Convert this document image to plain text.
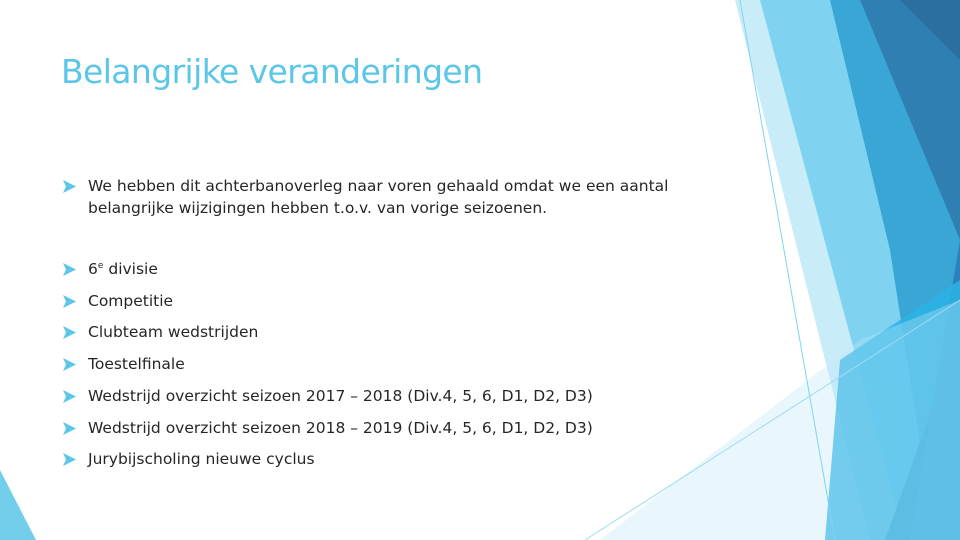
Belangrijke veranderingen
We hebben dit achterbanoverleg naar voren gehaald omdat we een aantal belangrijke wijzigingen hebben t.o.v. van vorige seizoenen.
6e divisie
Competitie
Clubteam wedstrijden
Toestelfinale
Wedstrijd overzicht seizoen 2017 – 2018 (Div.4, 5, 6, D1, D2, D3)
Wedstrijd overzicht seizoen 2018 – 2019 (Div.4, 5, 6, D1, D2, D3)
Jurybijscholing nieuwe cyclus
